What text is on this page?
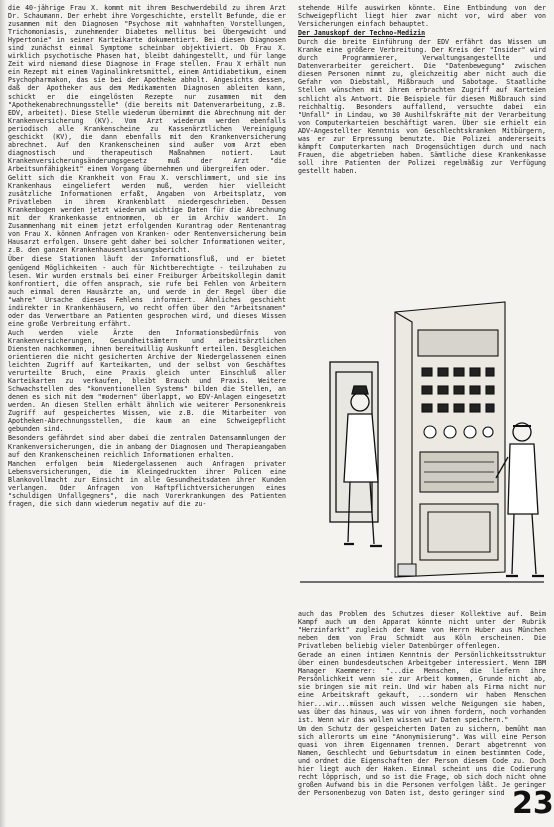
die 40-jährige Frau X. kommt mit ihrem Beschwerdebild zu ihrem Arzt Dr. Schaumann. Der erhebt ihre Vorgeschichte, erstellt Befunde, die er zusammen mit den Diagnosen "Psychose mit wahnhaften Vorstellungen, Trichomoniasis, zunehmender Diabetes mellitus bei Übergewicht und Hypertonie" in seiner Karteikarte dokumentiert. Bei diesen Diagnosen sind zunächst einmal Symptome scheinbar objektiviert. Ob Frau X. wirklich psychotische Phasen hat, bleibt dahingestellt, und für lange Zeit wird niemand diese Diagnose in Frage stellen. Frau X erhält nun ein Rezept mit einem Vaginalinkretsmittel, einem Antidiabetikum, einem Psychopharmakon, das sie bei der Apotheke abholt. Angesichts dessen, daß der Apotheker aus dem Medikamenten Diagnosen ableiten kann, schickt er die eingelösten Rezepte nur zusammen mit dem "Apothekenabrechnungsstelle" (die bereits mit Datenverarbeitung, z.B. EDV, arbeitet). Diese Stelle wiederum übernimmt die Abrechnung mit der Krankenversicherung (KV). Vom Arzt wiederum werden ebenfalls periodisch alle Krankenscheine zu Kassenärztlichen Vereinigung geschickt (KV), die dann ebenfalls mit den Krankenversicherung abrechnet. Auf den Krankenscheinen sind außer vom Arzt eben diagnostisch und therapeutisch Maßnahmen notiert. Laut Krankenversicherungsänderungsgesetz muß der Arzt "die Arbeitsunfähigkeit" einem Vorgang übernehmen und übergreifen oder.

Gelitt sich die Krankheit von Frau X. verschlimmert, und sie ins Krankenhaus eingeliefert werden muß, werden hier vielleicht zusätzliche Informationen erfaßt, Angaben von Arbeitsplatz, vom Privatleben in ihrem Krankenblatt niedergeschrieben. Dessen Krankenbogen werden jetzt wiederum wichtige Daten für die Abrechnung mit der Krankenkasse entnommen, ob er im Archiv wandert. In Zusammenhang mit einem jetzt erfolgenden Kurantrag oder Rentenantrag von Frau X. können Anfragen von Kranken- oder Rentenversicherung beim Hausarzt erfolgen. Unsere geht daher bei solcher Informationen weiter, z.B. den ganzen Krankenhausentlassungsbericht.

Über diese Stationen läuft der Informationsfluß, und er bietet genügend Möglichkeiten - auch für Nichtberechtigte - teilzuhaben zu lesen. Wir wurden erstmals bei einer Freiburger Arbeitskollegin damit konfrontiert, die offen ansprach, sie rufe bei Fehlen von Arbeitern auch einmal deren Hausärzte an, und werde in der Regel über die "wahre" Ursache dieses Fehlens informiert. Ähnliches geschieht indirekter in Krankenhäusern, wo recht offen über den "Arbeitsnamen" oder das Verwertbare an Patienten gesprochen wird, und dieses Wissen eine große Verbreitung erfährt.

Auch werden viele Ärzte den Informationsbedürfnis von Krankenversicherungen, Gesundheitsämtern und arbeitsärztlichen Diensten nachkommen, ihnen bereitwillig Auskunft erteilen. Desgleichen orientieren die nicht gesicherten Archive der Niedergelassenen einen leichten Zugriff auf Karteikarten, und der selbst von Geschäftes verurteilte Bruch, eine Praxis gleich unter Einschluß aller Karteikarten zu verkaufen, bleibt Brauch und Praxis. Weitere Schwachstellen des "konventionellen Systems" bilden die Stellen, an denen es sich mit dem "modernen" überlappt, wo EDV-Anlagen eingesetzt werden. An diesen Stellen erhält ähnlich wie weiterer Personenkreis Zugriff auf gespeichertes Wissen, wie z.B. die Mitarbeiter von Apotheken-Abrechnungsstellen, die kaum an eine Schweigepflicht gebunden sind.

Besonders gefährdet sind aber dabei die zentralen Datensammlungen der Krankenversicherungen, die in anbang der Diagnosen und Therapieangaben auf den Krankenscheinen reichlich Informationen erhalten.

Manchen erfolgen beim Niedergelassenen auch Anfragen privater Lebensversicherungen, die im Kleingedruckten ihrer Policen eine Blankovollmacht zur Einsicht in alle Gesundheitsdaten ihrer Kunden verlangen. Oder Anfragen von Haftpflichtversicherungen eines "schuldigen Unfallgegners", die nach Vorerkrankungen des Patienten fragen, die sich dann wiederum negativ auf die zu-

stehende Hilfe auswirken könnte. Eine Entbindung von der Schweigepflicht liegt hier zwar nicht vor, wird aber von Versicherungen einfach behauptet.

Der Januskopf der Techno-Medizin

Durch die breite Einführung der EDV erfährt das Wissen um Kranke eine größere Verbreitung. Der Kreis der "Insider" wird durch Programmierer, Verwaltungsangestellte und Datenverarbeiter gereichert. Die "Datenbewegung" zwischen diesen Personen nimmt zu, gleichzeitig aber nicht auch die Gefahr von Diebstahl, Mißbrauch und Sabotage. Staatliche Stellen wünschen mit ihrem erbrachten Zugriff auf Karteien schlicht als Antwort. Die Beispiele für diesen Mißbrauch sind reichhaltig. Besonders auffallend, versuchte dabei ein "Unfall" in Lindau, wo 30 Aushilfskräfte mit der Verarbeitung von Computerkarteien beschäftigt waren. Über sie erhielt ein ADV-Angestellter Kenntnis von Geschlechtskranken Mitbürgern, was er zur Erpressung benutzte. Die Polizei andererseits kämpft Computerkarten nach Drogensüchtigen durch und nach Frauen, die abgetrieben haben. Sämtliche diese Krankenkasse soll ihre Patienten der Polizei regelmäßig zur Verfügung gestellt haben.

auch das Problem des Schutzes dieser Kollektive auf. Beim Kampf auch um den Apparat könnte nicht unter der Rubrik "Herzinfarkt" zugleich der Name von Herrn Huber aus München neben dem von Frau Schmidt aus Köln erscheinen. Die Privatleben beliebig vieler Datenbürger offenlegen.

Gerade an einen intimen Kenntnis der Persönlichkeitsstruktur über einen bundesdeutschen Arbeitgeber interessiert. Wenn IBM Manager Kaemmerer: "...die Menschen, die liefern ihre Persönlichkeit wenn sie zur Arbeit kommen, Grunde nicht ab, sie bringen sie mit rein. Und wir haben als Firma nicht nur eine Arbeitskraft gekauft, ...sondern wir haben Menschen hier...wir...müssen auch wissen welche Neigungen sie haben, was über das hinaus, was wir von ihnen fordern, noch vorhanden ist. Wenn wir das wollen wissen wir Daten speichern."

Um den Schutz der gespeicherten Daten zu sichern, bemüht man sich allerorts um eine "Anonymisierung". Was will eine Person quasi von ihrem Eigennamen trennen. Derart abgetrennt von Namen, Geschlecht und Geburtsdatum in einem bestimmten Code, und ordnet die Eigenschaften der Person diesem Code zu. Doch hier liegt auch der Haken. Einmal scheint uns die Codierung recht löpprisch, und so ist die Frage, ob sich doch nicht ohne großen Aufwand bis in die Personen verfolgen läßt. Je geringer der Personenbezug von Daten ist, desto geringer sind 23
